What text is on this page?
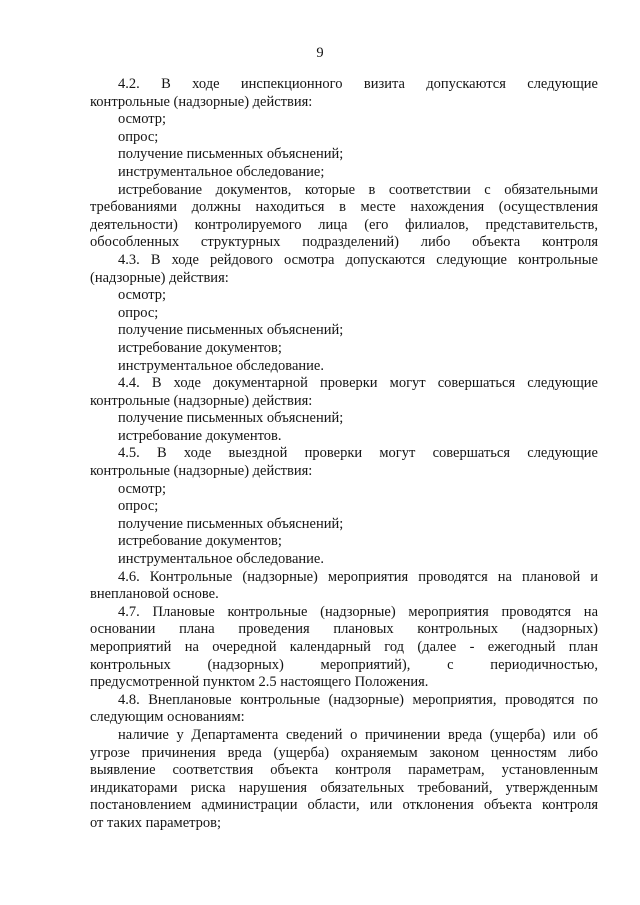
9
4.2. В ходе инспекционного визита допускаются следующие
контрольные (надзорные) действия:
осмотр;
опрос;
получение письменных объяснений;
инструментальное обследование;
истребование документов, которые в соответствии с обязательными
требованиями должны находиться в месте нахождения (осуществления
деятельности) контролируемого лица (его филиалов, представительств,
обособленных структурных подразделений) либо объекта контроля
4.3. В ходе рейдового осмотра допускаются следующие контрольные
(надзорные) действия:
осмотр;
опрос;
получение письменных объяснений;
истребование документов;
инструментальное обследование.
4.4. В ходе документарной проверки могут совершаться следующие
контрольные (надзорные) действия:
получение письменных объяснений;
истребование документов.
4.5. В ходе выездной проверки могут совершаться следующие
контрольные (надзорные) действия:
осмотр;
опрос;
получение письменных объяснений;
истребование документов;
инструментальное обследование.
4.6. Контрольные (надзорные) мероприятия проводятся на плановой и
внеплановой основе.
4.7. Плановые контрольные (надзорные) мероприятия проводятся на
основании плана проведения плановых контрольных (надзорных)
мероприятий на очередной календарный год (далее - ежегодный план
контрольных (надзорных) мероприятий), с периодичностью,
предусмотренной пунктом 2.5 настоящего Положения.
4.8. Внеплановые контрольные (надзорные) мероприятия, проводятся по
следующим основаниям:
наличие у Департамента сведений о причинении вреда (ущерба) или об
угрозе причинения вреда (ущерба) охраняемым законом ценностям либо
выявление соответствия объекта контроля параметрам, установленным
индикаторами риска нарушения обязательных требований, утвержденным
постановлением администрации области, или отклонения объекта контроля
от таких параметров;
